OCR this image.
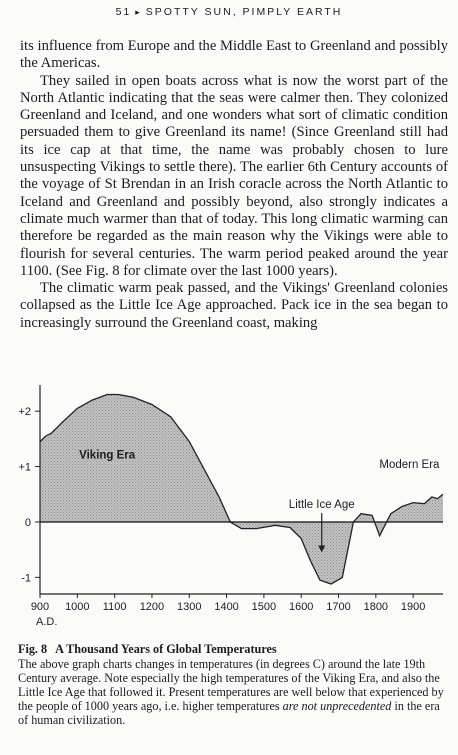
51 ▸ SPOTTY SUN, PIMPLY EARTH

its influence from Europe and the Middle East to Greenland and possibly the Americas.

They sailed in open boats across what is now the worst part of the North Atlantic indicating that the seas were calmer then. They colonized Greenland and Iceland, and one wonders what sort of climatic condition persuaded them to give Greenland its name! (Since Greenland still had its ice cap at that time, the name was probably chosen to lure unsuspecting Vikings to settle there). The earlier 6th Century accounts of the voyage of St Brendan in an Irish coracle across the North Atlantic to Iceland and Greenland and possibly beyond, also strongly indicates a climate much warmer than that of today. This long climatic warming can therefore be regarded as the main reason why the Vikings were able to flourish for several centuries. The warm period peaked around the year 1100. (See Fig. 8 for climate over the last 1000 years).

The climatic warm peak passed, and the Vikings' Greenland colonies collapsed as the Little Ice Age approached. Pack ice in the sea began to increasingly surround the Greenland coast, making

+2
+1
0
-1
900 1000 1100 1200 1300 1400 1500 1600 1700 1800 1900
A.D.
Viking Era
Modern Era
Little Ice Age
Fig. 8 A Thousand Years of Global Temperatures

The above graph charts changes in temperatures (in degrees C) around the late 19th Century average. Note especially the high temperatures of the Viking Era, and also the Little Ice Age that followed it. Present temperatures are well below that experienced by the people of 1000 years ago, i.e. higher temperatures are not unprecedented in the era of human civilization.
